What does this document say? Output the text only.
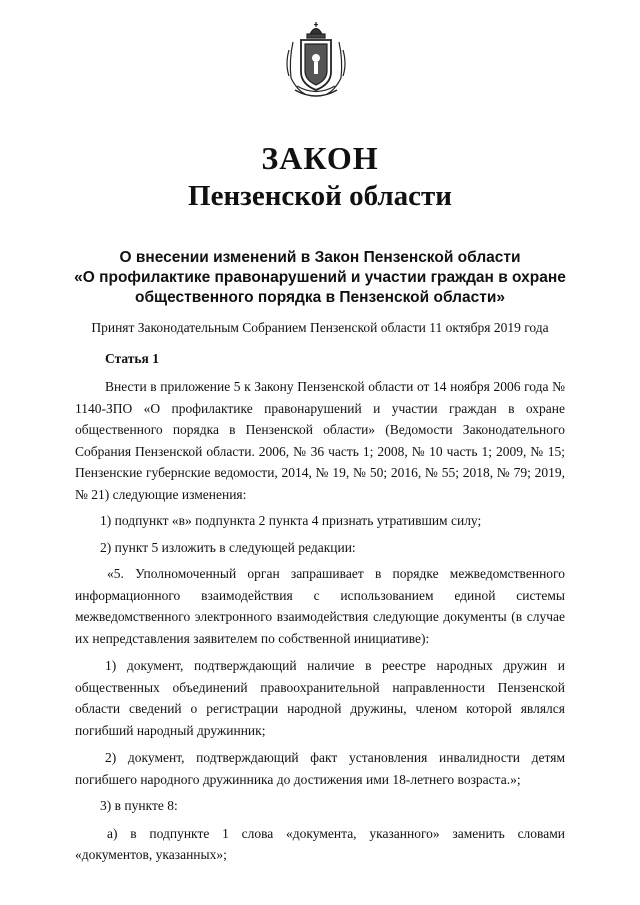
ЗАКОН
Пензенской области
О внесении изменений в Закон Пензенской области
«О профилактике правонарушений и участии граждан в охране
общественного порядка в Пензенской области»
Принят Законодательным Собранием Пензенской области 11 октября 2019 года

Статья 1

Внести в приложение 5 к Закону Пензенской области от 14 ноября 2006 года № 1140-ЗПО «О профилактике правонарушений и участии граждан в охране общественного порядка в Пензенской области» (Ведомости Законодательного Собрания Пензенской области. 2006, № 36 часть 1; 2008, № 10 часть 1; 2009, № 15; Пензенские губернские ведомости, 2014, № 19, № 50; 2016, № 55; 2018, № 79; 2019, № 21) следующие изменения:

1) подпункт «в» подпункта 2 пункта 4 признать утратившим силу;

2) пункт 5 изложить в следующей редакции:

«5. Уполномоченный орган запрашивает в порядке межведомственного информационного взаимодействия с использованием единой системы межведомственного электронного взаимодействия следующие документы (в случае их непредставления заявителем по собственной инициативе):

1) документ, подтверждающий наличие в реестре народных дружин и общественных объединений правоохранительной направленности Пензенской области сведений о регистрации народной дружины, членом которой являлся погибший народный дружинник;

2) документ, подтверждающий факт установления инвалидности детям погибшего народного дружинника до достижения ими 18-летнего возраста.»;

3) в пункте 8:

а) в подпункте 1 слова «документа, указанного» заменить словами «документов, указанных»;
